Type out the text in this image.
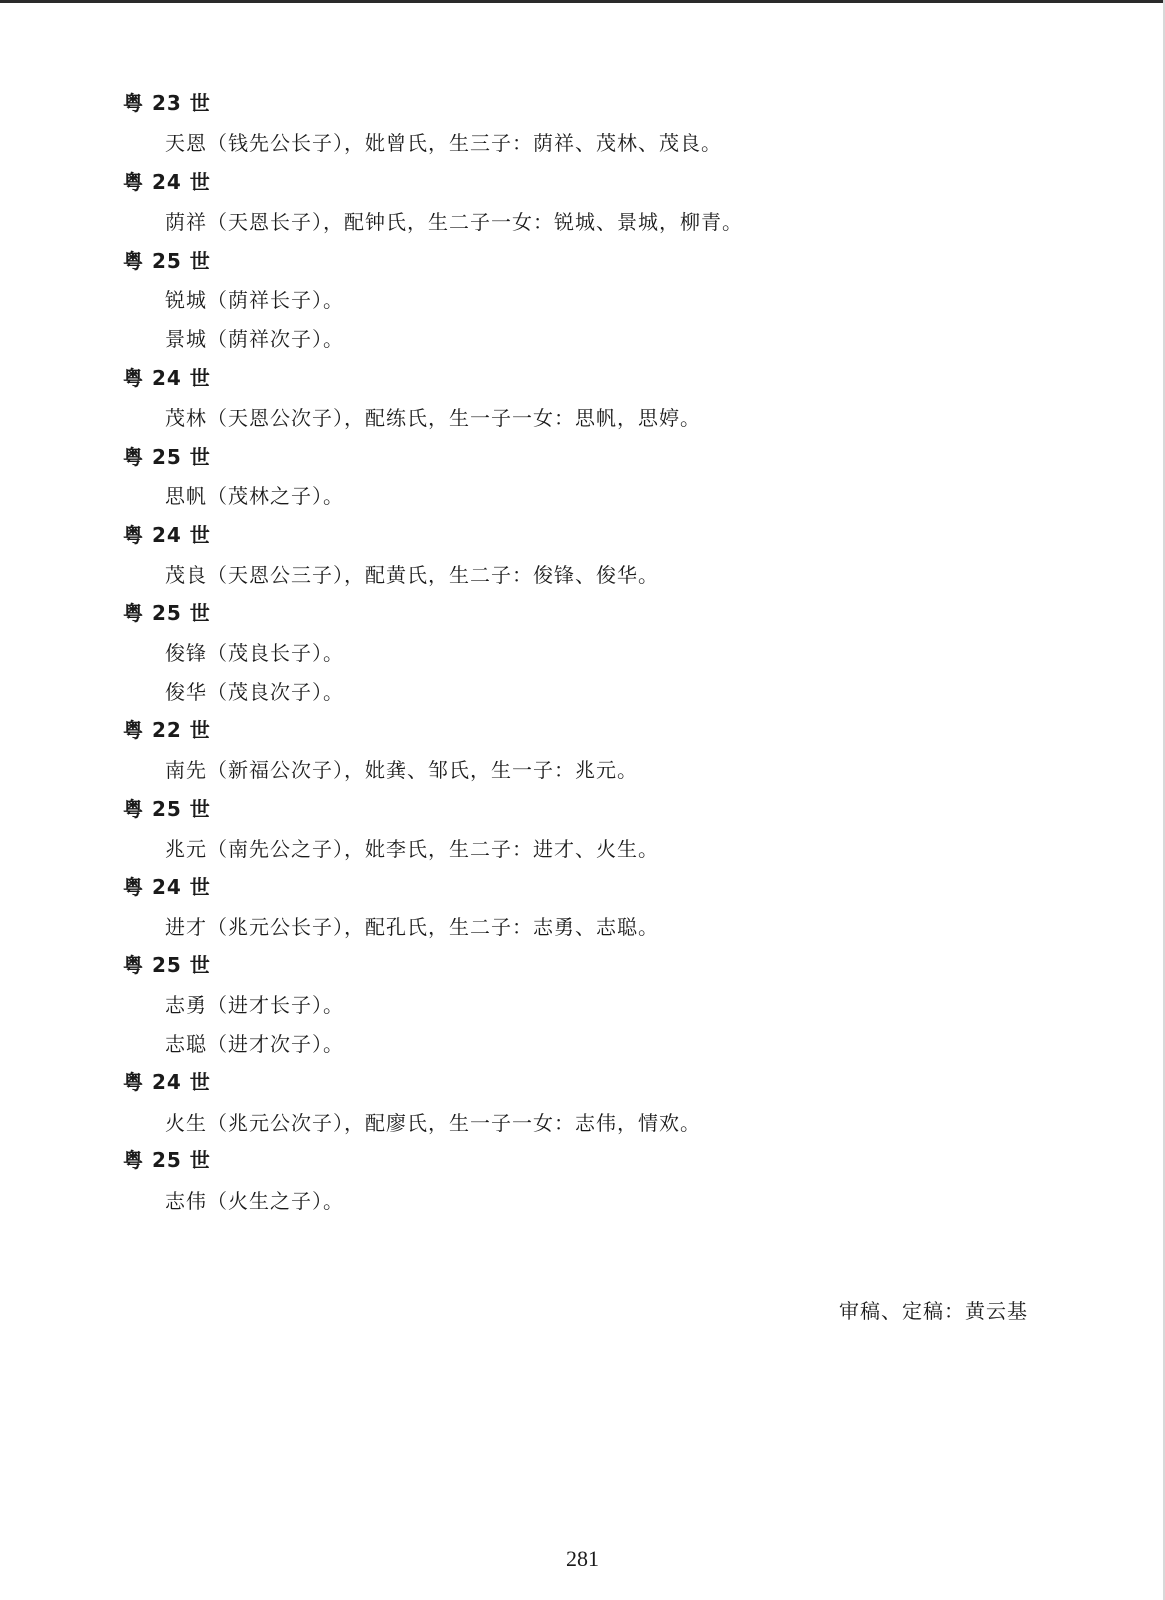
粤 23 世
天恩（钱先公长子），妣曾氏，生三子：荫祥、茂林、茂良。
粤 24 世
荫祥（天恩长子），配钟氏，生二子一女：锐城、景城，柳青。
粤 25 世
锐城（荫祥长子）。
景城（荫祥次子）。
粤 24 世
茂林（天恩公次子），配练氏，生一子一女：思帆，思婷。
粤 25 世
思帆（茂林之子）。
粤 24 世
茂良（天恩公三子），配黄氏，生二子：俊锋、俊华。
粤 25 世
俊锋（茂良长子）。
俊华（茂良次子）。
粤 22 世
南先（新福公次子），妣龚、邹氏，生一子：兆元。
粤 25 世
兆元（南先公之子），妣李氏，生二子：进才、火生。
粤 24 世
进才（兆元公长子），配孔氏，生二子：志勇、志聪。
粤 25 世
志勇（进才长子）。
志聪（进才次子）。
粤 24 世
火生（兆元公次子），配廖氏，生一子一女：志伟，情欢。
粤 25 世
志伟（火生之子）。
审稿、定稿：黄云基
281
